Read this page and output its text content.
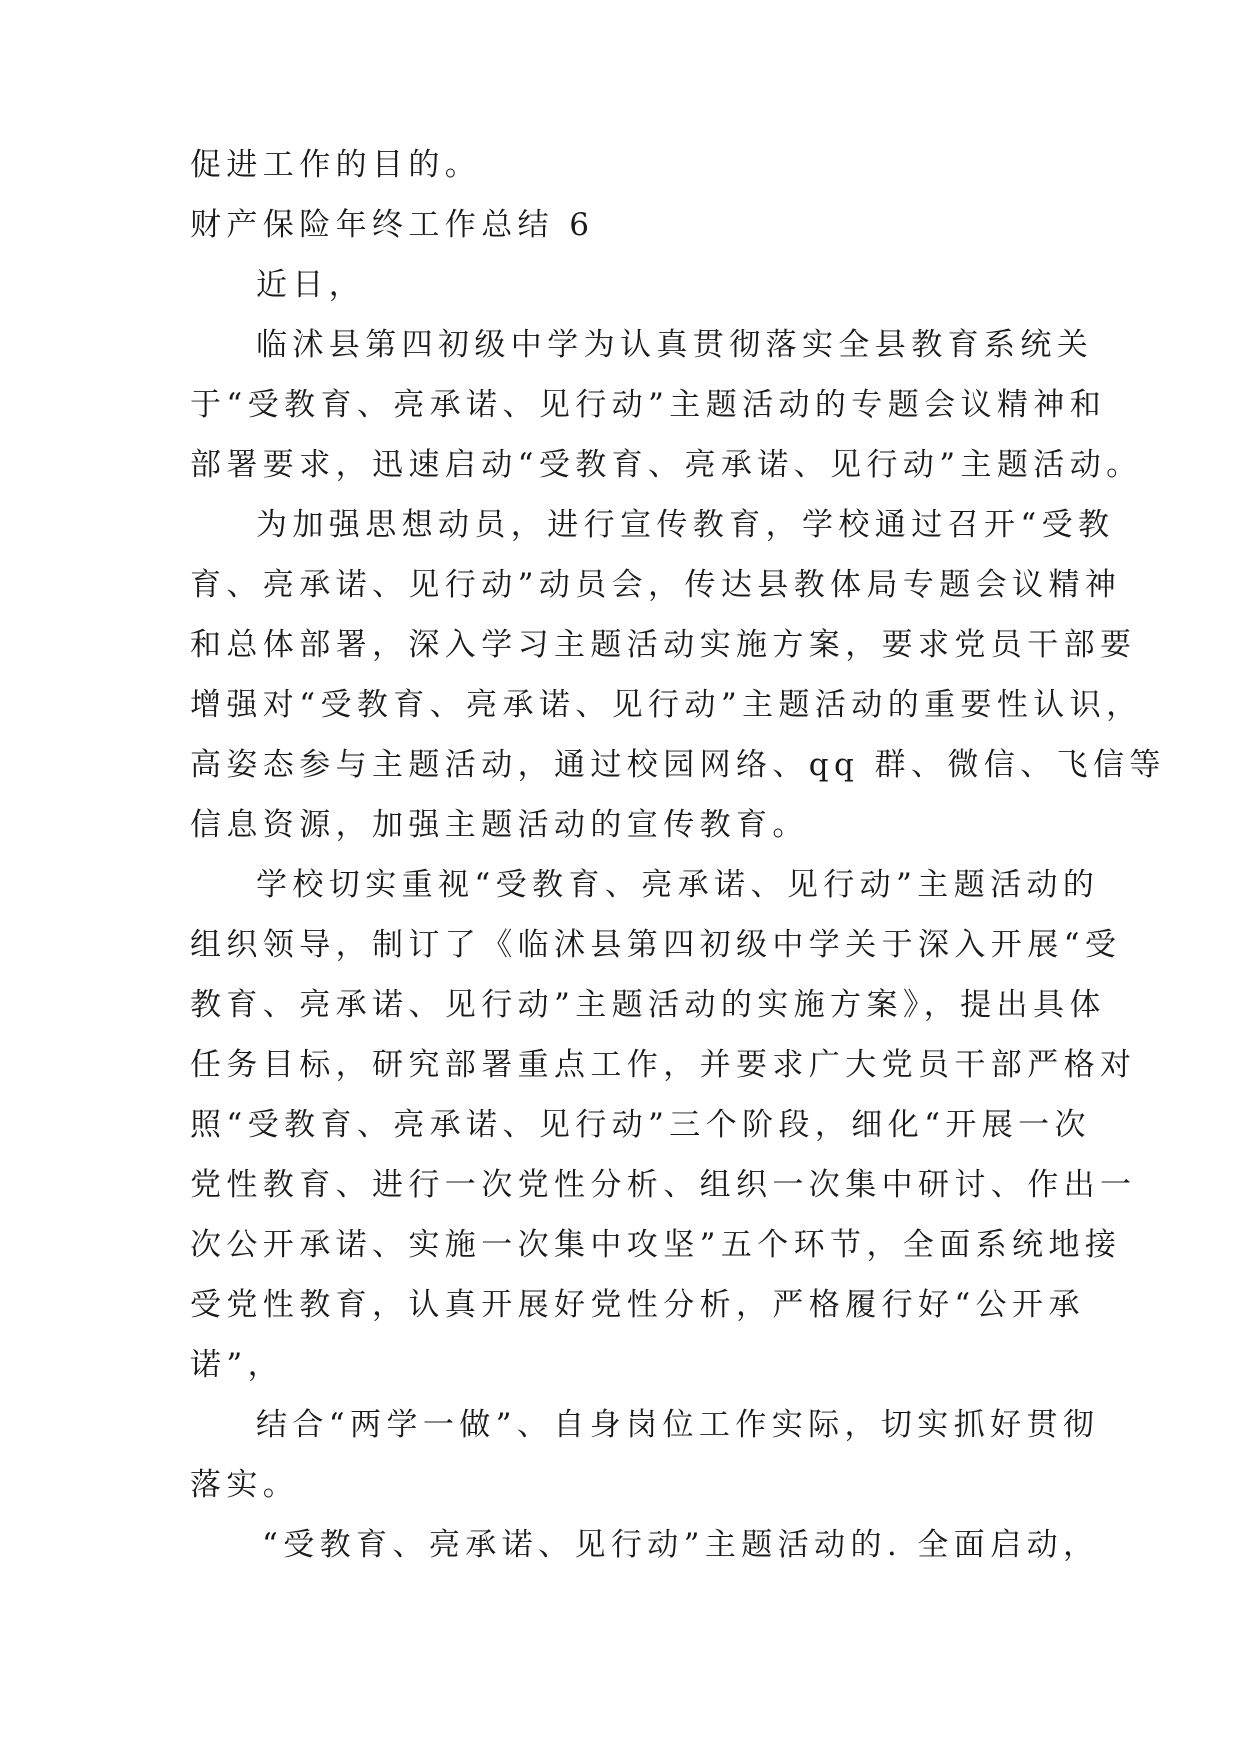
促进工作的目的。
财产保险年终工作总结 6
近日，
临沭县第四初级中学为认真贯彻落实全县教育系统关
于“受教育、亮承诺、见行动”主题活动的专题会议精神和
部署要求，迅速启动“受教育、亮承诺、见行动”主题活动。
为加强思想动员，进行宣传教育，学校通过召开“受教
育、亮承诺、见行动”动员会，传达县教体局专题会议精神
和总体部署，深入学习主题活动实施方案，要求党员干部要
增强对“受教育、亮承诺、见行动”主题活动的重要性认识，
高姿态参与主题活动，通过校园网络、qq 群、微信、飞信等
信息资源，加强主题活动的宣传教育。
学校切实重视“受教育、亮承诺、见行动”主题活动的
组织领导，制订了《临沭县第四初级中学关于深入开展“受
教育、亮承诺、见行动”主题活动的实施方案》，提出具体
任务目标，研究部署重点工作，并要求广大党员干部严格对
照“受教育、亮承诺、见行动”三个阶段，细化“开展一次
党性教育、进行一次党性分析、组织一次集中研讨、作出一
次公开承诺、实施一次集中攻坚”五个环节，全面系统地接
受党性教育，认真开展好党性分析，严格履行好“公开承
诺”，
结合“两学一做”、自身岗位工作实际，切实抓好贯彻
落实。
“受教育、亮承诺、见行动”主题活动的. 全面启动，
